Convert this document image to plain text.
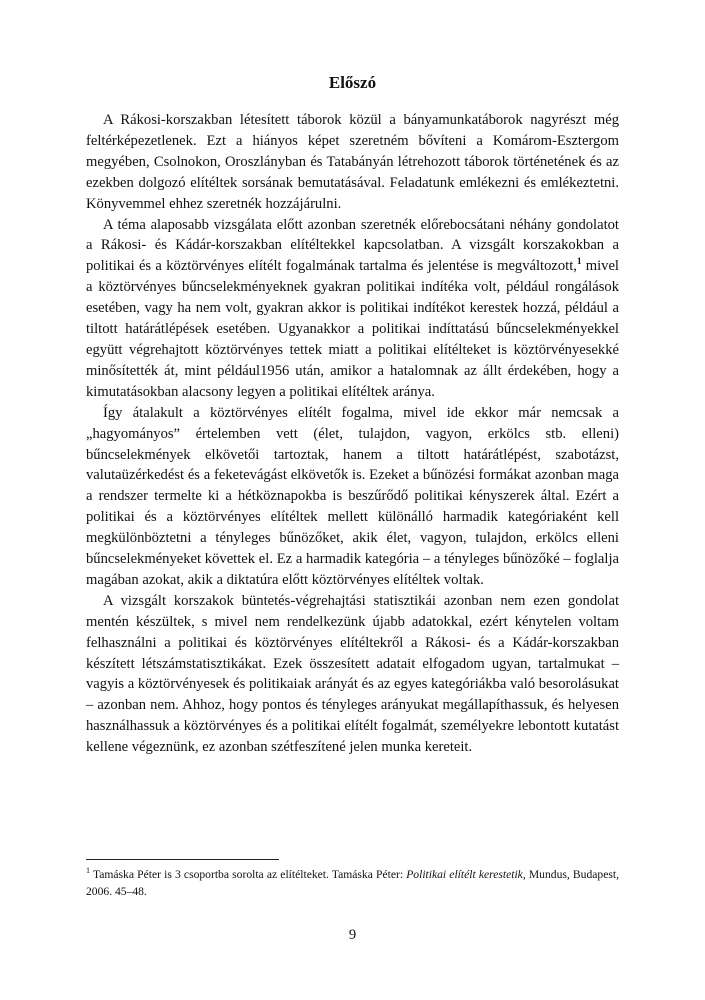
Előszó

A Rákosi-korszakban létesített táborok közül a bányamunkatáborok nagyrészt még feltérképezetlenek. Ezt a hiányos képet szeretném bővíteni a Komárom-Esztergom megyében, Csolnokon, Oroszlányban és Tatabányán létrehozott táborok történetének és az ezekben dolgozó elítéltek sorsának bemutatásával. Feladatunk emlékezni és emlékeztetni. Könyvemmel ehhez szeretnék hozzájárulni.

A téma alaposabb vizsgálata előtt azonban szeretnék előrebocsátani néhány gondolatot a Rákosi- és Kádár-korszakban elítéltekkel kapcsolatban. A vizsgált korszakokban a politikai és a köztörvényes elítélt fogalmának tartalma és jelentése is megváltozott,$^1$ mivel a köztörvényes bűncselekményeknek gyakran politikai indítéka volt, például rongálások esetében, vagy ha nem volt, gyakran akkor is politikai indítékot kerestek hozzá, például a tiltott határátlépések esetében. Ugyanakkor a politikai indíttatású bűncselekményekkel együtt végrehajtott köztörvényes tettek miatt a politikai elítélteket is köztörvényesekké minősítették át, mint például1956 után, amikor a hatalomnak az állt érdekében, hogy a kimutatásokban alacsony legyen a politikai elítéltek aránya.

Így átalakult a köztörvényes elítélt fogalma, mivel ide ekkor már nemcsak a „hagyományos” értelemben vett (élet, tulajdon, vagyon, erkölcs stb. elleni) bűncselekmények elkövetői tartoztak, hanem a tiltott határátlépést, szabotázst, valutaüzérkedést és a feketevágást elkövetők is. Ezeket a bűnözési formákat azonban maga a rendszer termelte ki a hétköznapokba is beszűrődő politikai kényszerek által. Ezért a politikai és a köztörvényes elítéltek mellett különálló harmadik kategóriaként kell megkülönböztetni a tényleges bűnözőket, akik élet, vagyon, tulajdon, erkölcs elleni bűncselekményeket követtek el. Ez a harmadik kategória – a tényleges bűnözőké – foglalja magában azokat, akik a diktatúra előtt köztörvényes elítéltek voltak.

A vizsgált korszakok büntetés-végrehajtási statisztikái azonban nem ezen gondolat mentén készültek, s mivel nem rendelkezünk újabb adatokkal, ezért kénytelen voltam felhasználni a politikai és köztörvényes elítéltekről a Rákosi- és a Kádár-korszakban készített létszámstatisztikákat. Ezek összesített adatait elfogadom ugyan, tartalmukat – vagyis a köztörvényesek és politikaiak arányát és az egyes kategóriákba való besorolásukat – azonban nem. Ahhoz, hogy pontos és tényleges arányukat megállapíthassuk, és helyesen használhassuk a köztörvényes és a politikai elítélt fogalmát, személyekre lebontott kutatást kellene végeznünk, ez azonban szétfeszítené jelen munka kereteit.

$^1$ Tamáska Péter is 3 csoportba sorolta az elítélteket. Tamáska Péter: Politikai elítélt kerestetik, Mundus, Budapest, 2006. 45–48.

9
